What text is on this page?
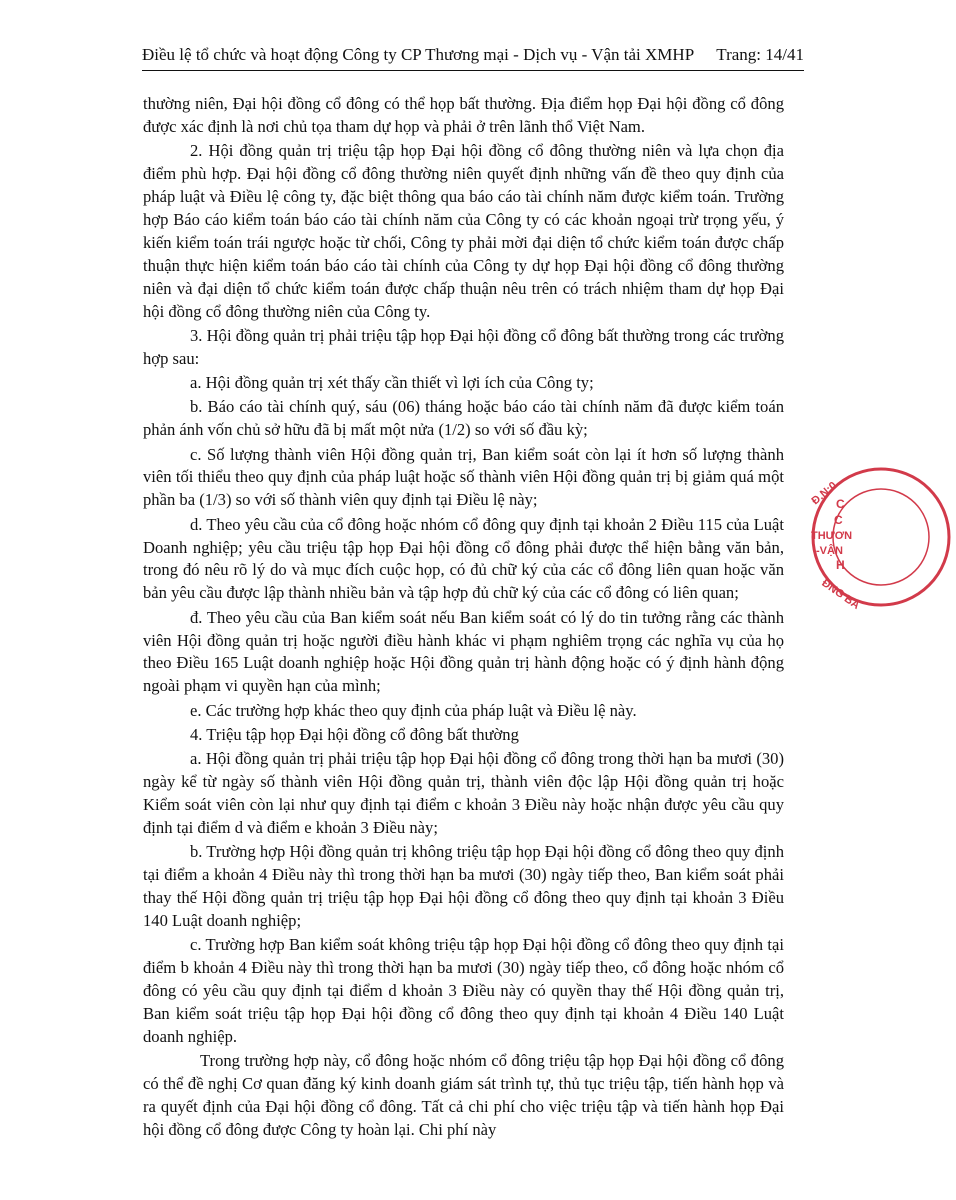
Điều lệ tổ chức và hoạt động Công ty CP Thương mại - Dịch vụ - Vận tải XMHP Trang: 14/41

thường niên, Đại hội đồng cổ đông có thể họp bất thường. Địa điểm họp Đại hội đồng cổ đông được xác định là nơi chủ tọa tham dự họp và phải ở trên lãnh thổ Việt Nam.

2. Hội đồng quản trị triệu tập họp Đại hội đồng cổ đông thường niên và lựa chọn địa điểm phù hợp. Đại hội đồng cổ đông thường niên quyết định những vấn đề theo quy định của pháp luật và Điều lệ công ty, đặc biệt thông qua báo cáo tài chính năm được kiểm toán. Trường hợp Báo cáo kiểm toán báo cáo tài chính năm của Công ty có các khoản ngoại trừ trọng yếu, ý kiến kiểm toán trái ngược hoặc từ chối, Công ty phải mời đại diện tổ chức kiểm toán được chấp thuận thực hiện kiểm toán báo cáo tài chính của Công ty dự họp Đại hội đồng cổ đông thường niên và đại diện tổ chức kiểm toán được chấp thuận nêu trên có trách nhiệm tham dự họp Đại hội đồng cổ đông thường niên của Công ty.

3. Hội đồng quản trị phải triệu tập họp Đại hội đồng cổ đông bất thường trong các trường hợp sau:

a. Hội đồng quản trị xét thấy cần thiết vì lợi ích của Công ty;

b. Báo cáo tài chính quý, sáu (06) tháng hoặc báo cáo tài chính năm đã được kiểm toán phản ánh vốn chủ sở hữu đã bị mất một nửa (1/2) so với số đầu kỳ;

c. Số lượng thành viên Hội đồng quản trị, Ban kiểm soát còn lại ít hơn số lượng thành viên tối thiểu theo quy định của pháp luật hoặc số thành viên Hội đồng quản trị bị giảm quá một phần ba (1/3) so với số thành viên quy định tại Điều lệ này;

d. Theo yêu cầu của cổ đông hoặc nhóm cổ đông quy định tại khoản 2 Điều 115 của Luật Doanh nghiệp; yêu cầu triệu tập họp Đại hội đồng cổ đông phải được thể hiện bằng văn bản, trong đó nêu rõ lý do và mục đích cuộc họp, có đủ chữ ký của các cổ đông liên quan hoặc văn bản yêu cầu được lập thành nhiều bản và tập hợp đủ chữ ký của các cổ đông có liên quan;

đ. Theo yêu cầu của Ban kiểm soát nếu Ban kiểm soát có lý do tin tưởng rằng các thành viên Hội đồng quản trị hoặc người điều hành khác vi phạm nghiêm trọng các nghĩa vụ của họ theo Điều 165 Luật doanh nghiệp hoặc Hội đồng quản trị hành động hoặc có ý định hành động ngoài phạm vi quyền hạn của mình;

e. Các trường hợp khác theo quy định của pháp luật và Điều lệ này.

4. Triệu tập họp Đại hội đồng cổ đông bất thường

a. Hội đồng quản trị phải triệu tập họp Đại hội đồng cổ đông trong thời hạn ba mươi (30) ngày kể từ ngày số thành viên Hội đồng quản trị, thành viên độc lập Hội đồng quản trị hoặc Kiểm soát viên còn lại như quy định tại điểm c khoản 3 Điều này hoặc nhận được yêu cầu quy định tại điểm d và điểm e khoản 3 Điều này;

b. Trường hợp Hội đồng quản trị không triệu tập họp Đại hội đồng cổ đông theo quy định tại điểm a khoản 4 Điều này thì trong thời hạn ba mươi (30) ngày tiếp theo, Ban kiểm soát phải thay thế Hội đồng quản trị triệu tập họp Đại hội đồng cổ đông theo quy định tại khoản 3 Điều 140 Luật doanh nghiệp;

c. Trường hợp Ban kiểm soát không triệu tập họp Đại hội đồng cổ đông theo quy định tại điểm b khoản 4 Điều này thì trong thời hạn ba mươi (30) ngày tiếp theo, cổ đông hoặc nhóm cổ đông có yêu cầu quy định tại điểm d khoản 3 Điều này có quyền thay thế Hội đồng quản trị, Ban kiểm soát triệu tập họp Đại hội đồng cổ đông theo quy định tại khoản 4 Điều 140 Luật doanh nghiệp.

Trong trường hợp này, cổ đông hoặc nhóm cổ đông triệu tập họp Đại hội đồng cổ đông có thể đề nghị Cơ quan đăng ký kinh doanh giám sát trình tự, thủ tục triệu tập, tiến hành họp và ra quyết định của Đại hội đồng cổ đông. Tất cả chi phí cho việc triệu tập và tiến hành họp Đại hội đồng cổ đông được Công ty hoàn lại. Chi phí này

Đ.N:0
C
C
THƯƠN
-VẬN
H
ĐNG BA
